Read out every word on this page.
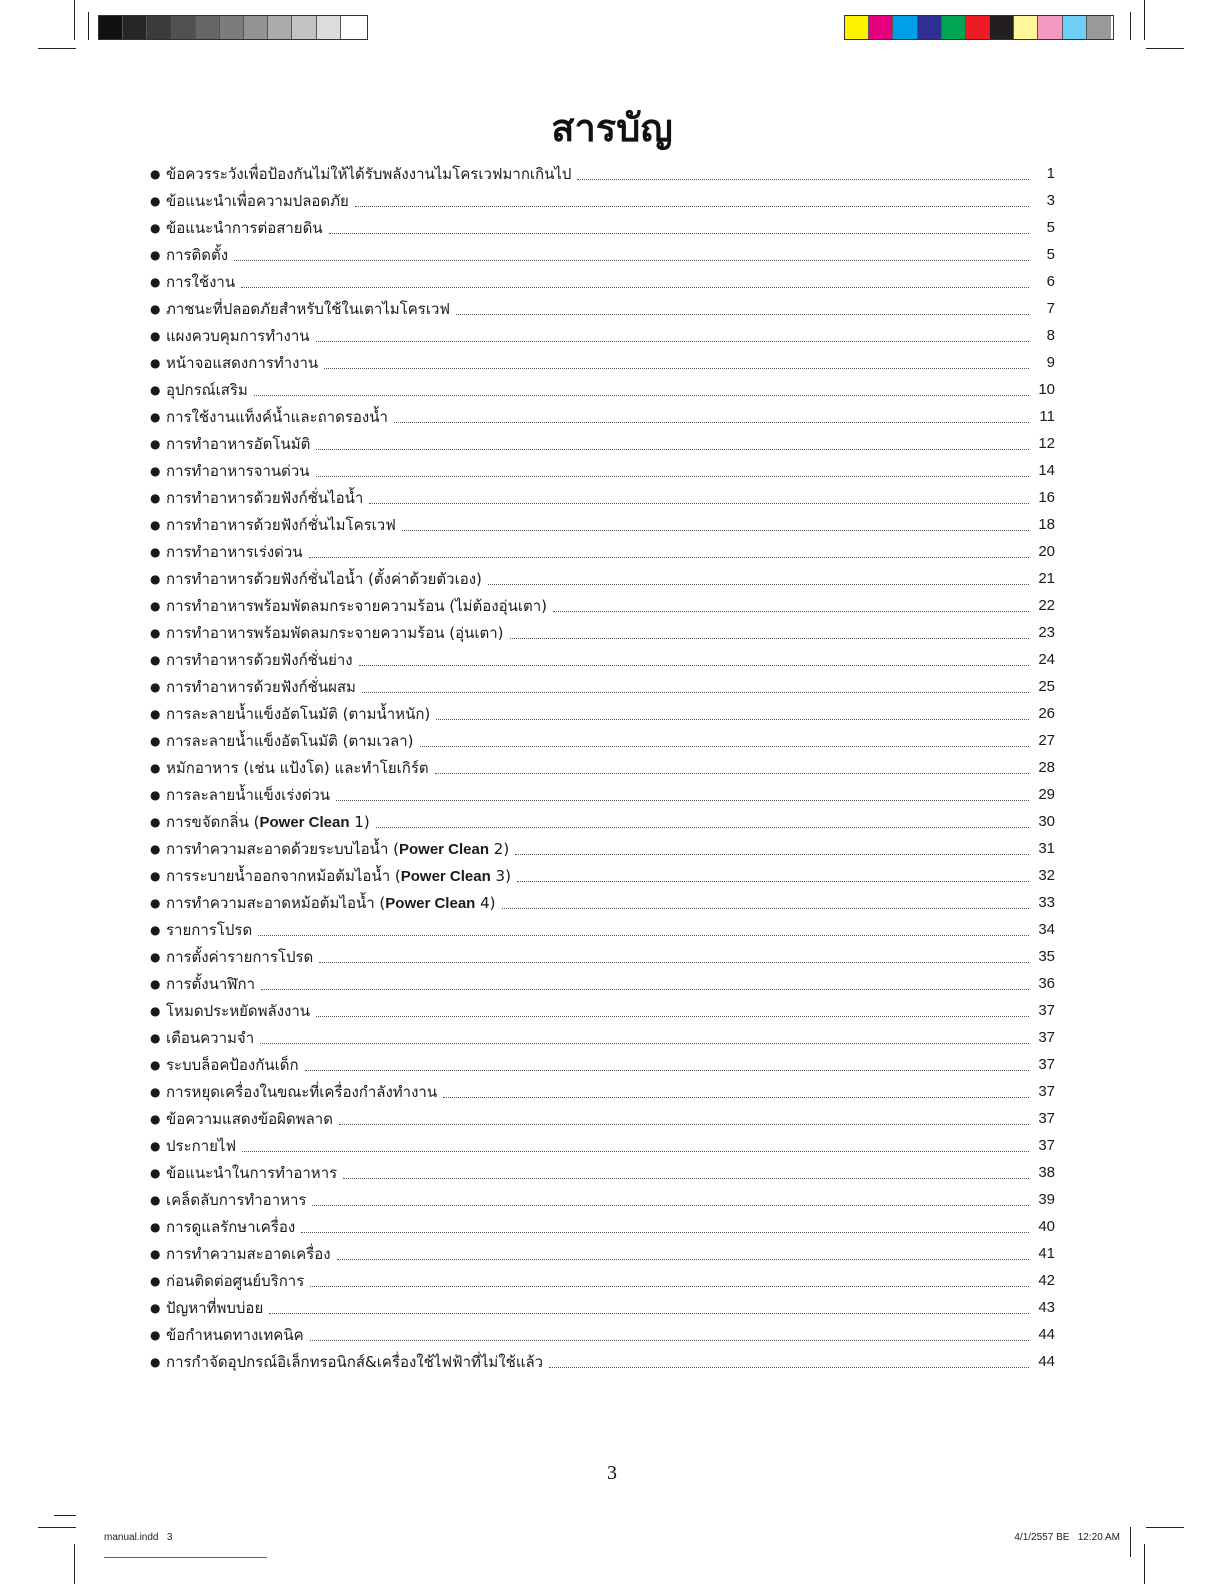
สารบัญ
● ข้อควรระวังเพื่อป้องกันไม่ให้ได้รับพลังงานไมโครเวฟมากเกินไป	1
● ข้อแนะนำเพื่อความปลอดภัย	3
● ข้อแนะนำการต่อสายดิน	5
● การติดตั้ง	5
● การใช้งาน	6
● ภาชนะที่ปลอดภัยสำหรับใช้ในเตาไมโครเวฟ	7
● แผงควบคุมการทำงาน	8
● หน้าจอแสดงการทำงาน	9
● อุปกรณ์เสริม	10
● การใช้งานแท็งค์น้ำและถาดรองน้ำ	11
● การทำอาหารอัตโนมัติ	12
● การทำอาหารจานด่วน	14
● การทำอาหารด้วยฟังก์ชั่นไอน้ำ	16
● การทำอาหารด้วยฟังก์ชั่นไมโครเวฟ	18
● การทำอาหารเร่งด่วน	20
● การทำอาหารด้วยฟังก์ชั่นไอน้ำ (ตั้งค่าด้วยตัวเอง)	21
● การทำอาหารพร้อมพัดลมกระจายความร้อน (ไม่ต้องอุ่นเตา)	22
● การทำอาหารพร้อมพัดลมกระจายความร้อน (อุ่นเตา)	23
● การทำอาหารด้วยฟังก์ชั่นย่าง	24
● การทำอาหารด้วยฟังก์ชั่นผสม	25
● การละลายน้ำแข็งอัตโนมัติ (ตามน้ำหนัก)	26
● การละลายน้ำแข็งอัตโนมัติ (ตามเวลา)	27
● หมักอาหาร (เช่น แป้งโด) และทำโยเกิร์ต	28
● การละลายน้ำแข็งเร่งด่วน	29
● การขจัดกลิ่น (Power Clean 1)	30
● การทำความสะอาดด้วยระบบไอน้ำ (Power Clean 2)	31
● การระบายน้ำออกจากหม้อต้มไอน้ำ (Power Clean 3)	32
● การทำความสะอาดหม้อต้มไอน้ำ (Power Clean 4)	33
● รายการโปรด	34
● การตั้งค่ารายการโปรด	35
● การตั้งนาฬิกา	36
● โหมดประหยัดพลังงาน	37
● เตือนความจำ	37
● ระบบล็อคป้องกันเด็ก	37
● การหยุดเครื่องในขณะที่เครื่องกำลังทำงาน	37
● ข้อความแสดงข้อผิดพลาด	37
● ประกายไฟ	37
● ข้อแนะนำในการทำอาหาร	38
● เคล็ดลับการทำอาหาร	39
● การดูแลรักษาเครื่อง	40
● การทำความสะอาดเครื่อง	41
● ก่อนติดต่อศูนย์บริการ	42
● ปัญหาที่พบบ่อย	43
● ข้อกำหนดทางเทคนิค	44
● การกำจัดอุปกรณ์อิเล็กทรอนิกส์&เครื่องใช้ไฟฟ้าที่ไม่ใช้แล้ว	44
3
manual.indd   3	4/1/2557 BE   12:20 AM
